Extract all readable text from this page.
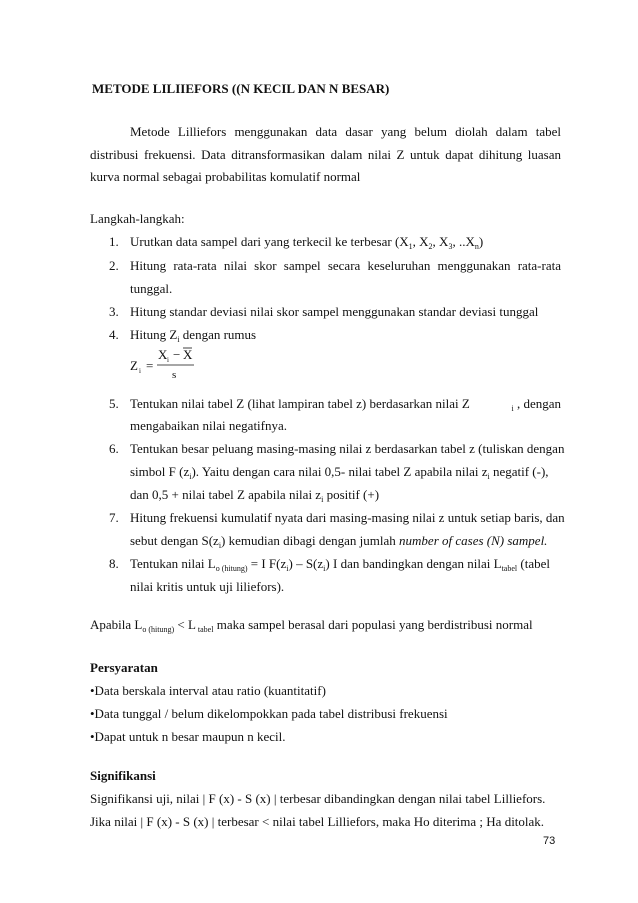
METODE LILIIEFORS ((N KECIL DAN N BESAR)
Metode Lilliefors menggunakan data dasar yang belum diolah dalam tabel
distribusi frekuensi. Data ditransformasikan dalam nilai Z untuk dapat dihitung luasan
kurva normal sebagai probabilitas komulatif normal
Langkah-langkah:
1. Urutkan data sampel dari yang terkecil ke terbesar ($X_1$, $X_2$, $X_3$, $..X_n$)
2. Hitung rata-rata nilai skor sampel secara keseluruhan menggunakan rata-rata
tunggal.
3. Hitung standar deviasi nilai skor sampel menggunakan standar deviasi tunggal
4. Hitung $Z_i$ dengan rumus
Z i =
X i − X
s
5. Tentukan nilai tabel Z (lihat lampiran tabel z) berdasarkan nilai Z	$_i$ , dengan
mengabaikan nilai negatifnya.
6. Tentukan besar peluang masing-masing nilai z berdasarkan tabel z (tuliskan dengan
simbol F $(z_i)$. Yaitu dengan cara nilai 0,5- nilai tabel Z apabila nilai $z_i$ negatif (-),
dan 0,5 + nilai tabel Z apabila nilai $z_i$ positif (+)
7. Hitung frekuensi kumulatif nyata dari masing-masing nilai z untuk setiap baris, dan
sebut dengan $S(z_i)$ kemudian dibagi dengan jumlah number of cases (N) sampel.
8. Tentukan nilai $L_{o (hitung)} = I$ $F(z_i) - S(z_i)$ I dan bandingkan dengan nilai $L_{tabel}$ (tabel
nilai kritis untuk uji liliefors).
Apabila $L_{o (hitung)} < L$ $_{tabel}$ maka sampel berasal dari populasi yang berdistribusi normal
Persyaratan
•Data berskala interval atau ratio (kuantitatif)
•Data tunggal / belum dikelompokkan pada tabel distribusi frekuensi
•Dapat untuk n besar maupun n kecil.
Signifikansi
Signifikansi uji, nilai | F (x) - S (x) | terbesar dibandingkan dengan nilai tabel Lilliefors.
Jika nilai | F (x) - S (x) | terbesar < nilai tabel Lilliefors, maka Ho diterima ; Ha ditolak.
73
